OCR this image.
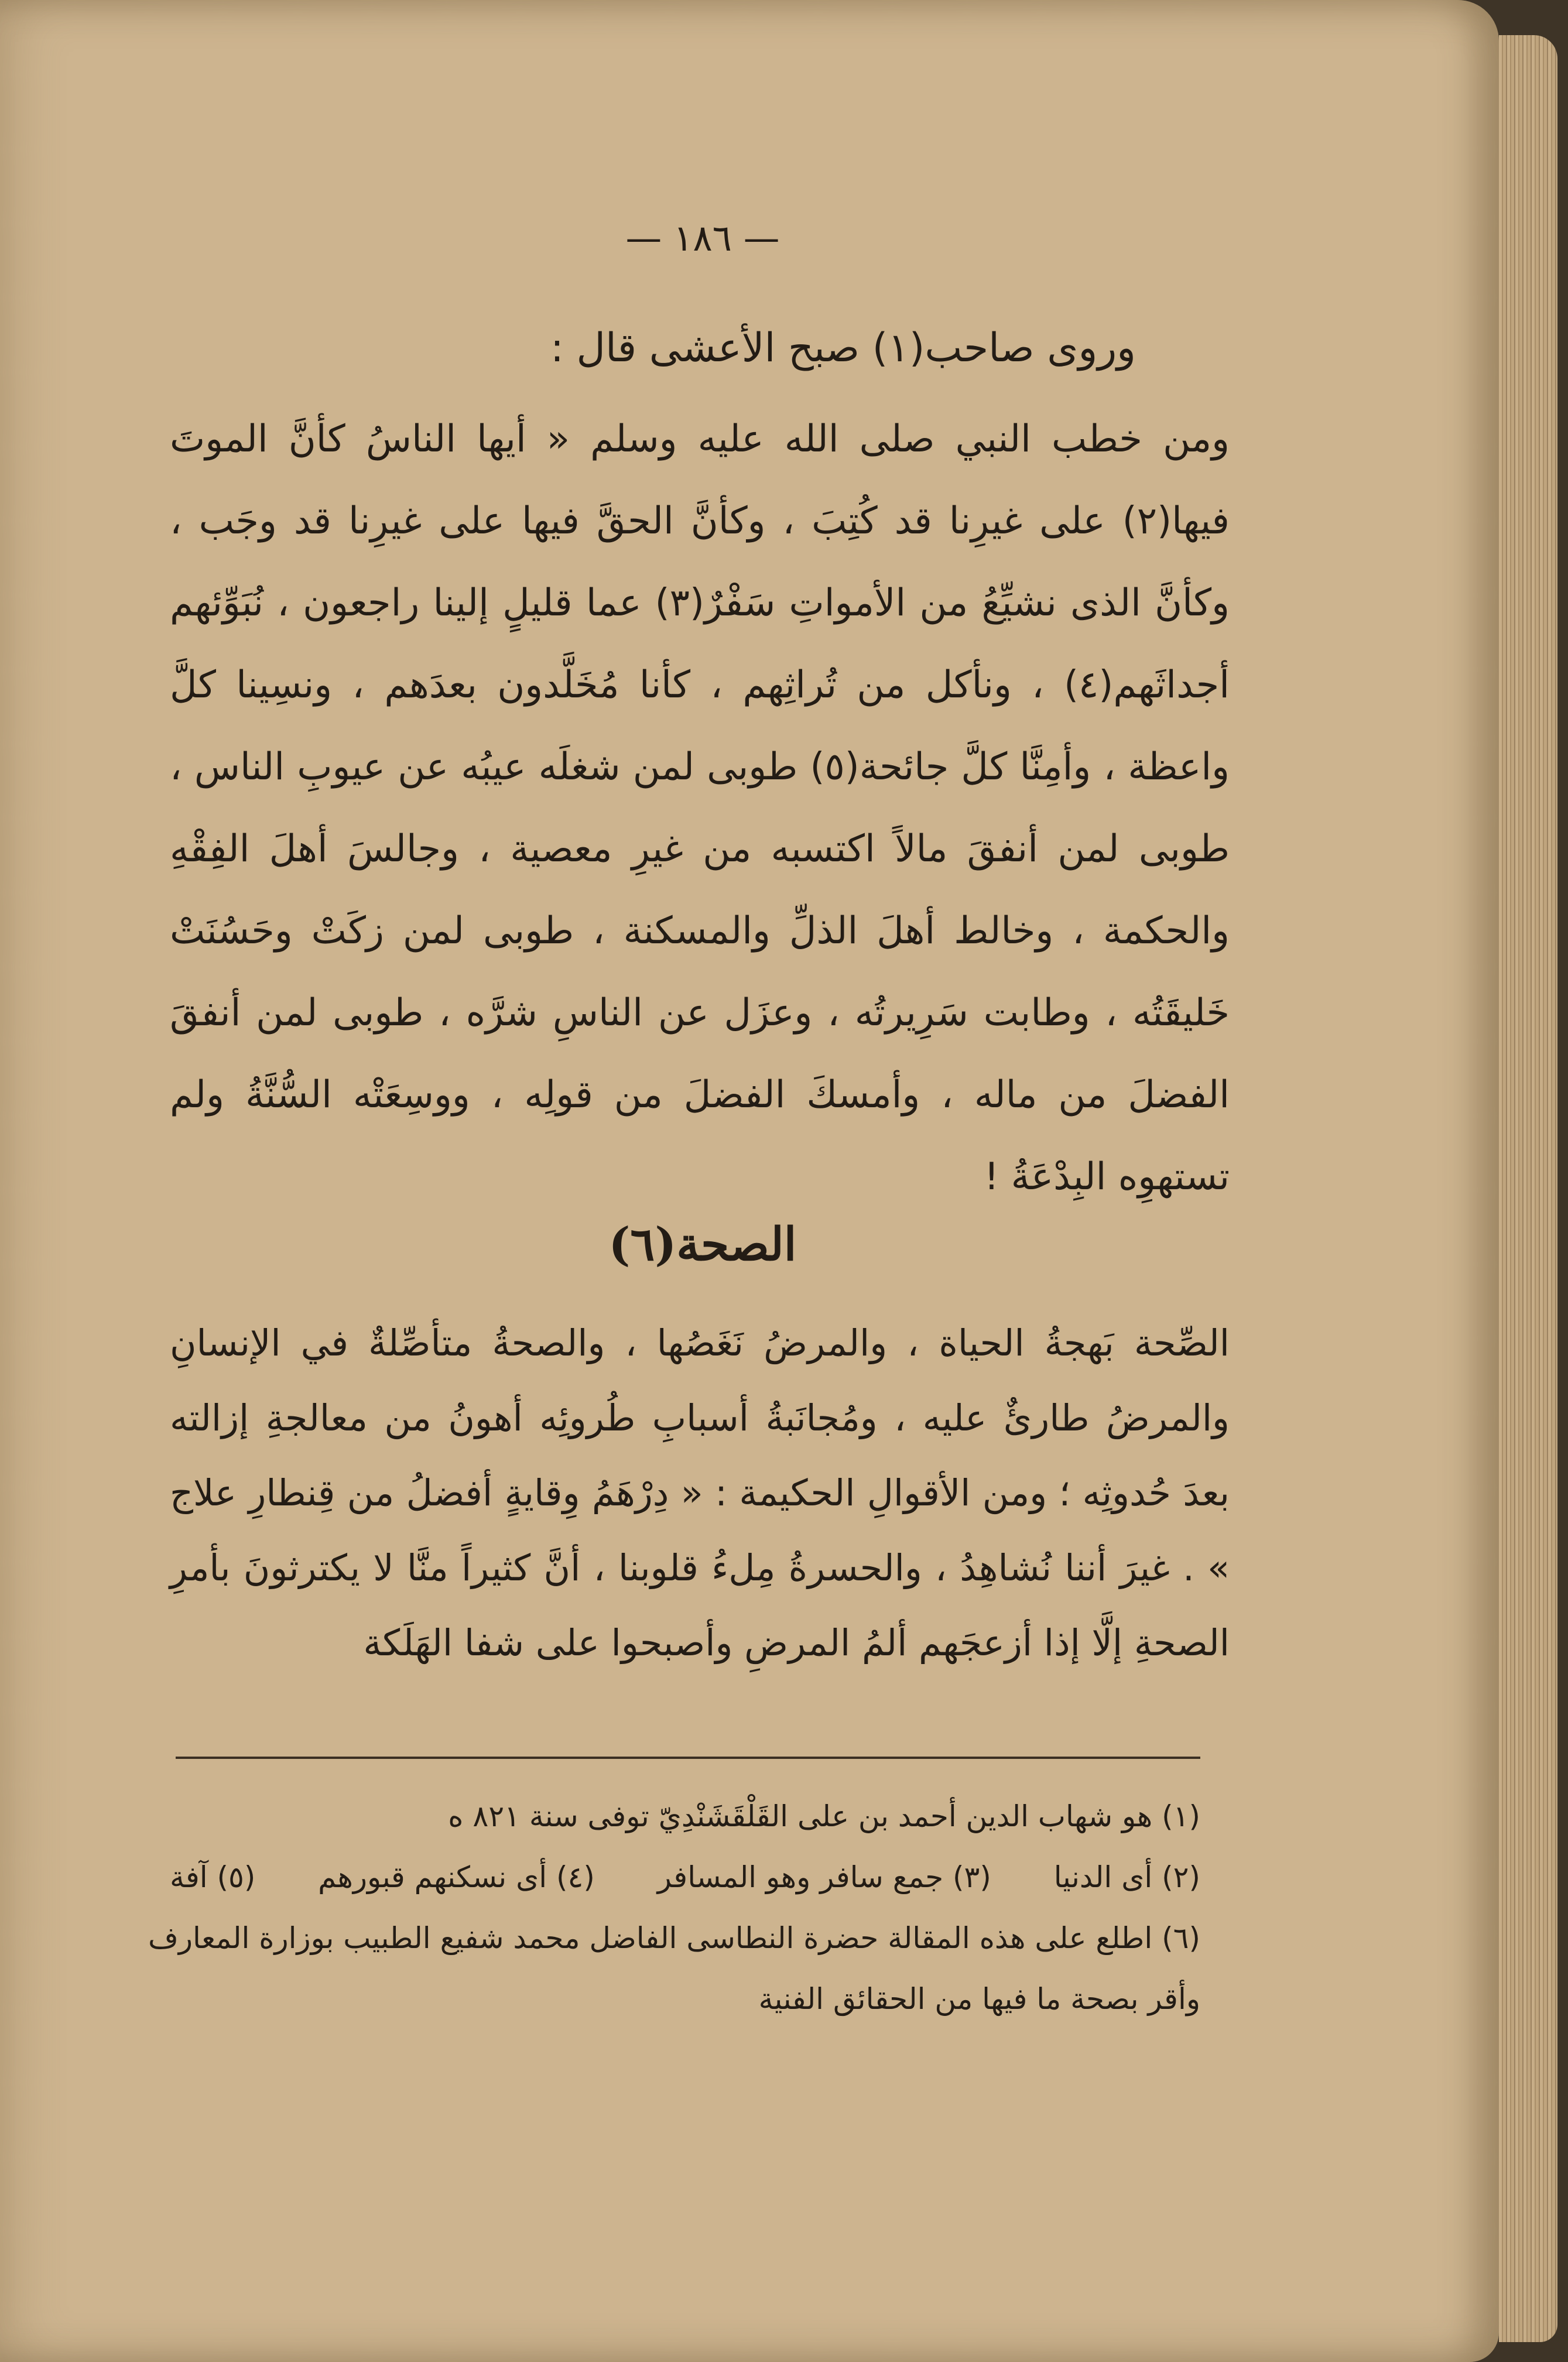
— ١٨٦ —
وروى صاحب(١) صبح الأعشى قال :

ومن خطب النبي صلى الله عليه وسلم « أيها الناسُ كأنَّ الموتَ فيها(٢) على غيرِنا قد كُتِبَ ، وكأنَّ الحقَّ فيها على غيرِنا قد وجَب ، وكأنَّ الذى نشيِّعُ من الأمواتِ سَفْرٌ(٣) عما قليلٍ إلينا راجعون ، نُبَوِّئهم أجداثَهم(٤) ، ونأكل من تُراثِهم ، كأنا مُخَلَّدون بعدَهم ، ونسِينا كلَّ واعظة ، وأمِنَّا كلَّ جائحة(٥) طوبى لمن شغلَه عيبُه عن عيوبِ الناس ، طوبى لمن أنفقَ مالاً اكتسبه من غيرِ معصية ، وجالسَ أهلَ الفِقْهِ والحكمة ، وخالط أهلَ الذلِّ والمسكنة ، طوبى لمن زكَتْ وحَسُنَتْ خَليقَتُه ، وطابت سَرِيرتُه ، وعزَل عن الناسِ شرَّه ، طوبى لمن أنفقَ الفضلَ من ماله ، وأمسكَ الفضلَ من قولِه ، ووسِعَتْه السُّنَّةُ ولم تستهوِه البِدْعَةُ !

الصحة(٦)

الصِّحة بَهجةُ الحياة ، والمرضُ نَغَصُها ، والصحةُ متأصِّلةٌ في الإنسانِ والمرضُ طارئٌ عليه ، ومُجانَبةُ أسبابِ طُروئِه أهونُ من معالجةِ إزالته بعدَ حُدوثِه ؛ ومن الأقوالِ الحكيمة : « دِرْهَمُ وِقايةٍ أفضلُ من قِنطارِ علاج » . غيرَ أننا نُشاهِدُ ، والحسرةُ مِلءُ قلوبنا ، أنَّ كثيراً منَّا لا يكترثونَ بأمرِ الصحةِ إلَّا إذا أزعجَهم ألمُ المرضِ وأصبحوا على شفا الهَلَكة

(١) هو شهاب الدين أحمد بن على القَلْقَشَنْدِيّ توفى سنة ٨٢١ ه
(٢) أى الدنيا
(٣) جمع سافر وهو المسافر
(٤) أى نسكنهم قبورهم
(٥) آفة
(٦) اطلع على هذه المقالة حضرة النطاسى الفاضل محمد شفيع الطبيب بوزارة المعارف
وأقر بصحة ما فيها من الحقائق الفنية
